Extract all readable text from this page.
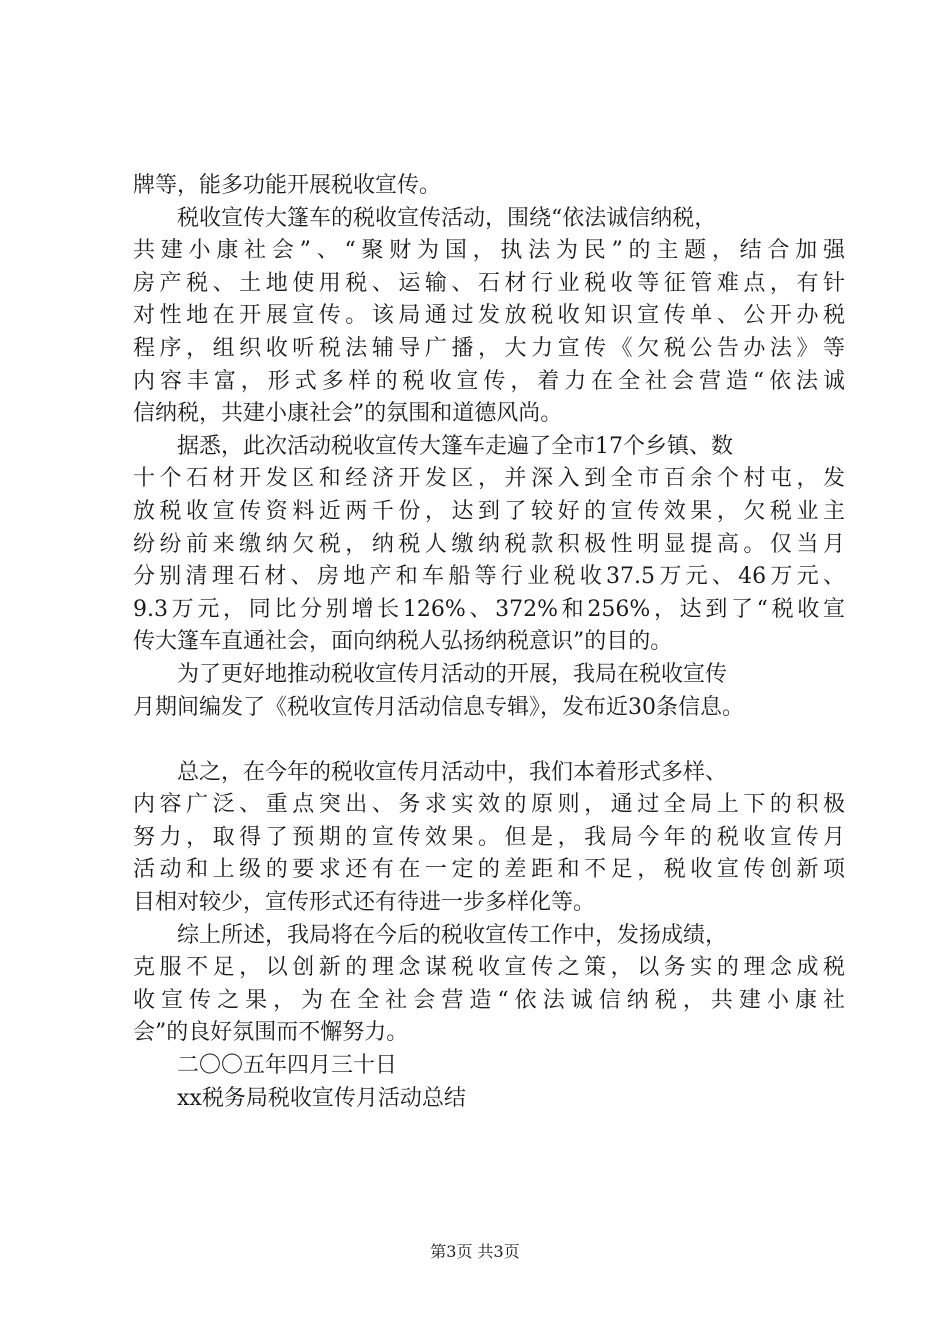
牌等，能多功能开展税收宣传。
税收宣传大篷车的税收宣传活动，围绕“依法诚信纳税，
共建小康社会”、“聚财为国，执法为民”的主题，结合加强
房产税、土地使用税、运输、石材行业税收等征管难点，有针
对性地在开展宣传。该局通过发放税收知识宣传单、公开办税
程序，组织收听税法辅导广播，大力宣传《欠税公告办法》等
内容丰富，形式多样的税收宣传，着力在全社会营造“依法诚
信纳税，共建小康社会”的氛围和道德风尚。
据悉，此次活动税收宣传大篷车走遍了全市17个乡镇、数
十个石材开发区和经济开发区，并深入到全市百余个村屯，发
放税收宣传资料近两千份，达到了较好的宣传效果，欠税业主
纷纷前来缴纳欠税，纳税人缴纳税款积极性明显提高。仅当月
分别清理石材、房地产和车船等行业税收37.5万元、46万元、
9.3万元，同比分别增长126%、372%和256%，达到了“税收宣
传大篷车直通社会，面向纳税人弘扬纳税意识”的目的。
为了更好地推动税收宣传月活动的开展，我局在税收宣传
月期间编发了《税收宣传月活动信息专辑》，发布近30条信息。
总之，在今年的税收宣传月活动中，我们本着形式多样、
内容广泛、重点突出、务求实效的原则，通过全局上下的积极
努力，取得了预期的宣传效果。但是，我局今年的税收宣传月
活动和上级的要求还有在一定的差距和不足，税收宣传创新项
目相对较少，宣传形式还有待进一步多样化等。
综上所述，我局将在今后的税收宣传工作中，发扬成绩，
克服不足，以创新的理念谋税收宣传之策，以务实的理念成税
收宣传之果，为在全社会营造“依法诚信纳税，共建小康社
会”的良好氛围而不懈努力。
二〇〇五年四月三十日
xx税务局税收宣传月活动总结
第3页 共3页
